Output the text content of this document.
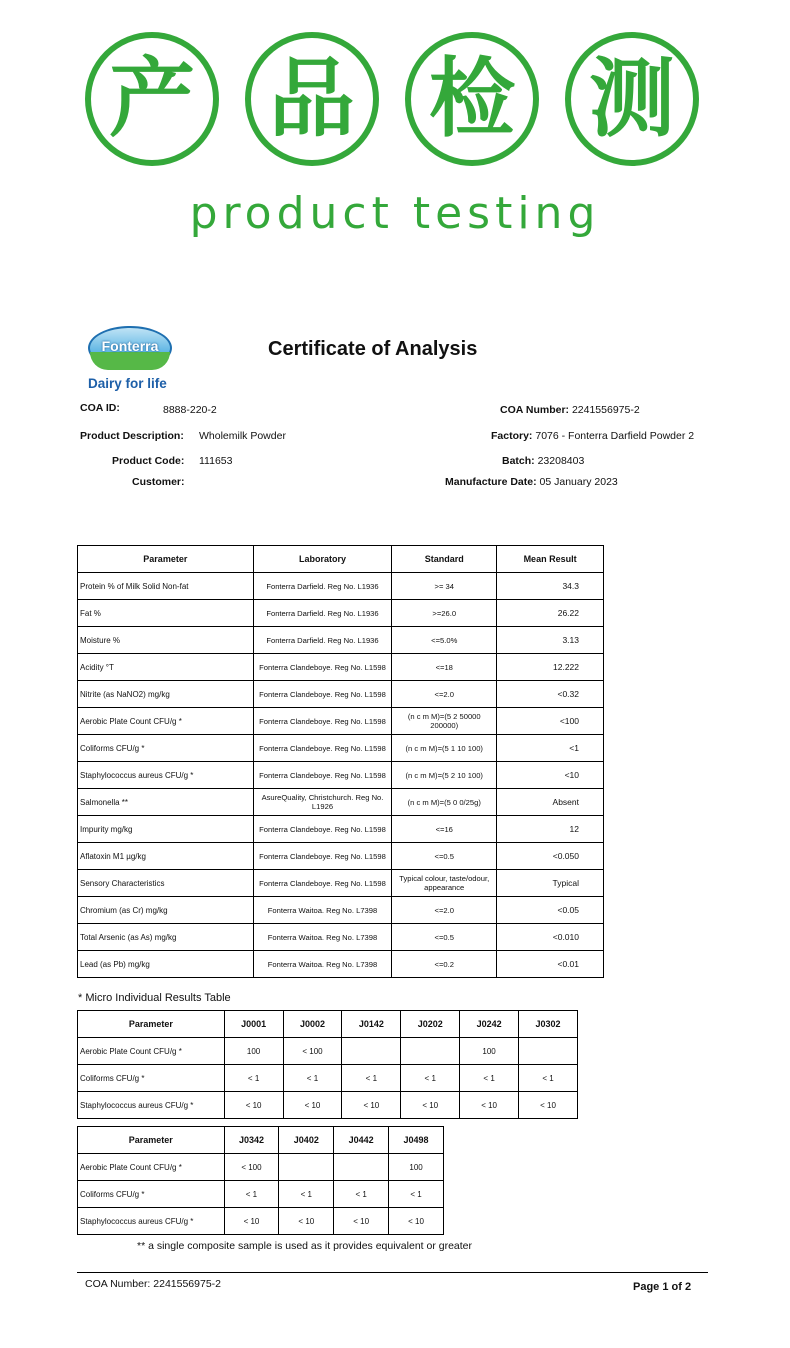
产 品 检 测
product testing
Fonterra
Dairy for life
Certificate of Analysis
COA ID:	8888-220-2	COA Number: 2241556975-2
Product Description: Wholemilk Powder	Factory: 7076 - Fonterra Darfield Powder 2
Product Code: 111653	Batch: 23208403
Customer:	Manufacture Date: 05 January 2023
Parameter	Laboratory	Standard	Mean Result
Protein % of Milk Solid Non-fat	Fonterra Darfield. Reg No. L1936	>= 34	34.3
Fat %	Fonterra Darfield. Reg No. L1936	>=26.0	26.22
Moisture %	Fonterra Darfield. Reg No. L1936	<=5.0%	3.13
Acidity °T	Fonterra Clandeboye. Reg No. L1598	<=18	12.222
Nitrite (as NaNO2) mg/kg	Fonterra Clandeboye. Reg No. L1598	<=2.0	<0.32
Aerobic Plate Count CFU/g *	Fonterra Clandeboye. Reg No. L1598	(n c m M)=(5 2 50000 200000)	<100
Coliforms CFU/g *	Fonterra Clandeboye. Reg No. L1598	(n c m M)=(5 1 10 100)	<1
Staphylococcus aureus CFU/g *	Fonterra Clandeboye. Reg No. L1598	(n c m M)=(5 2 10 100)	<10
Salmonella **	AsureQuality, Christchurch. Reg No. L1926	(n c m M)=(5 0 0/25g)	Absent
Impurity mg/kg	Fonterra Clandeboye. Reg No. L1598	<=16	12
Aflatoxin M1 µg/kg	Fonterra Clandeboye. Reg No. L1598	<=0.5	<0.050
Sensory Characteristics	Fonterra Clandeboye. Reg No. L1598	Typical colour, taste/odour, appearance	Typical
Chromium (as Cr) mg/kg	Fonterra Waitoa. Reg No. L7398	<=2.0	<0.05
Total Arsenic (as As) mg/kg	Fonterra Waitoa. Reg No. L7398	<=0.5	<0.010
Lead (as Pb) mg/kg	Fonterra Waitoa. Reg No. L7398	<=0.2	<0.01
* Micro Individual Results Table
Parameter	J0001	J0002	J0142	J0202	J0242	J0302
Aerobic Plate Count CFU/g *	100	< 100			100	
Coliforms CFU/g *	< 1	< 1	< 1	< 1	< 1	< 1
Staphylococcus aureus CFU/g *	< 10	< 10	< 10	< 10	< 10	< 10
Parameter	J0342	J0402	J0442	J0498
Aerobic Plate Count CFU/g *	< 100			100
Coliforms CFU/g *	< 1	< 1	< 1	< 1
Staphylococcus aureus CFU/g *	< 10	< 10	< 10	< 10
** a single composite sample is used as it provides equivalent or greater
COA Number: 2241556975-2	Page 1 of 2
